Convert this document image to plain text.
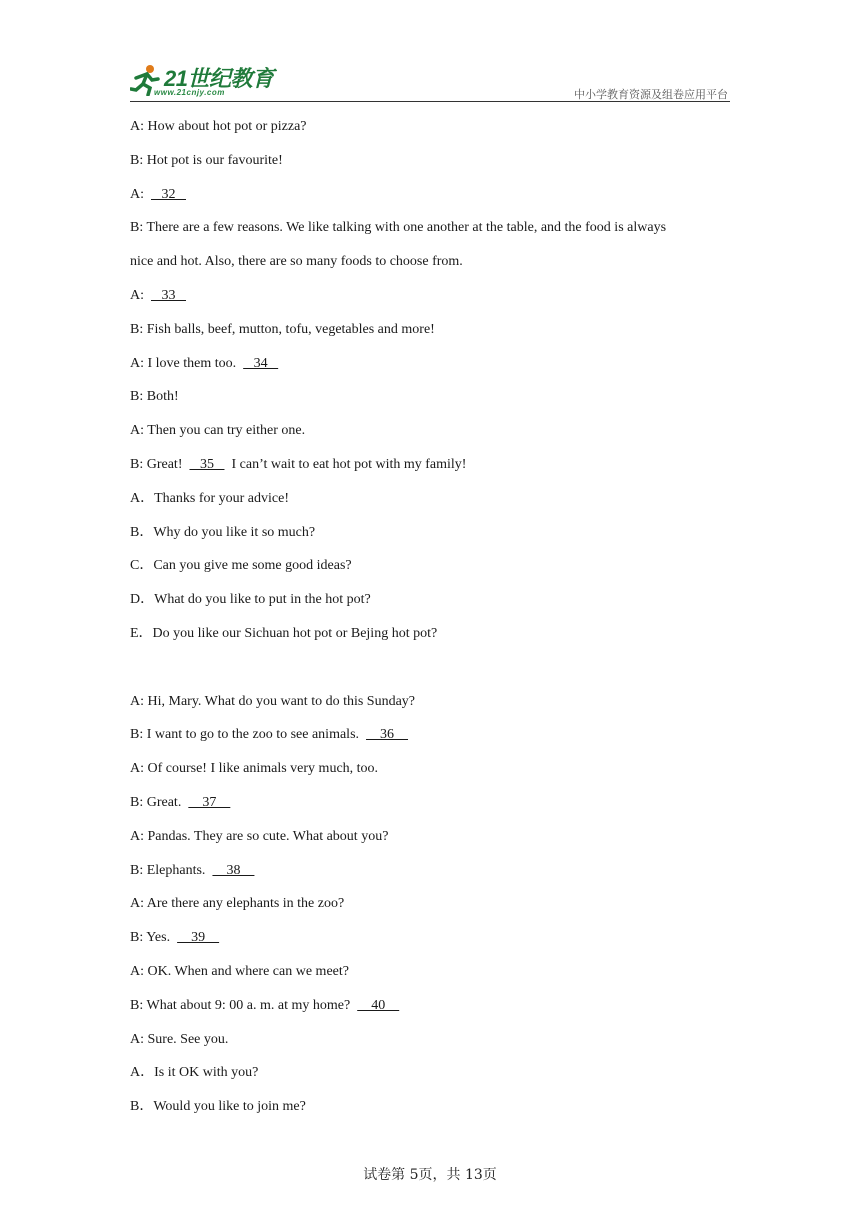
21世纪教育
www.21cnjy.com	中小学教育资源及组卷应用平台
A: How about hot pot or pizza?
B: Hot pot is our favourite!
A:     32
B: There are a few reasons. We like talking with one another at the table, and the food is always
nice and hot. Also, there are so many foods to choose from.
A:     33
B: Fish balls, beef, mutton, tofu, vegetables and more!
A: I love them too.     34
B: Both!
A: Then you can try either one.
B: Great!     35     I can’t wait to eat hot pot with my family!
A．Thanks for your advice!
B．Why do you like it so much?
C．Can you give me some good ideas?
D．What do you like to put in the hot pot?
E．Do you like our Sichuan hot pot or Bejing hot pot?
A: Hi, Mary. What do you want to do this Sunday?
B: I want to go to the zoo to see animals.      36
A: Of course! I like animals very much, too.
B: Great.      37
A: Pandas. They are so cute. What about you?
B: Elephants.      38
A: Are there any elephants in the zoo?
B: Yes.      39
A: OK. When and where can we meet?
B: What about 9: 00 a. m. at my home?      40
A: Sure. See you.
A．Is it OK with you?
B．Would you like to join me?
试卷第 5页，共 13页
